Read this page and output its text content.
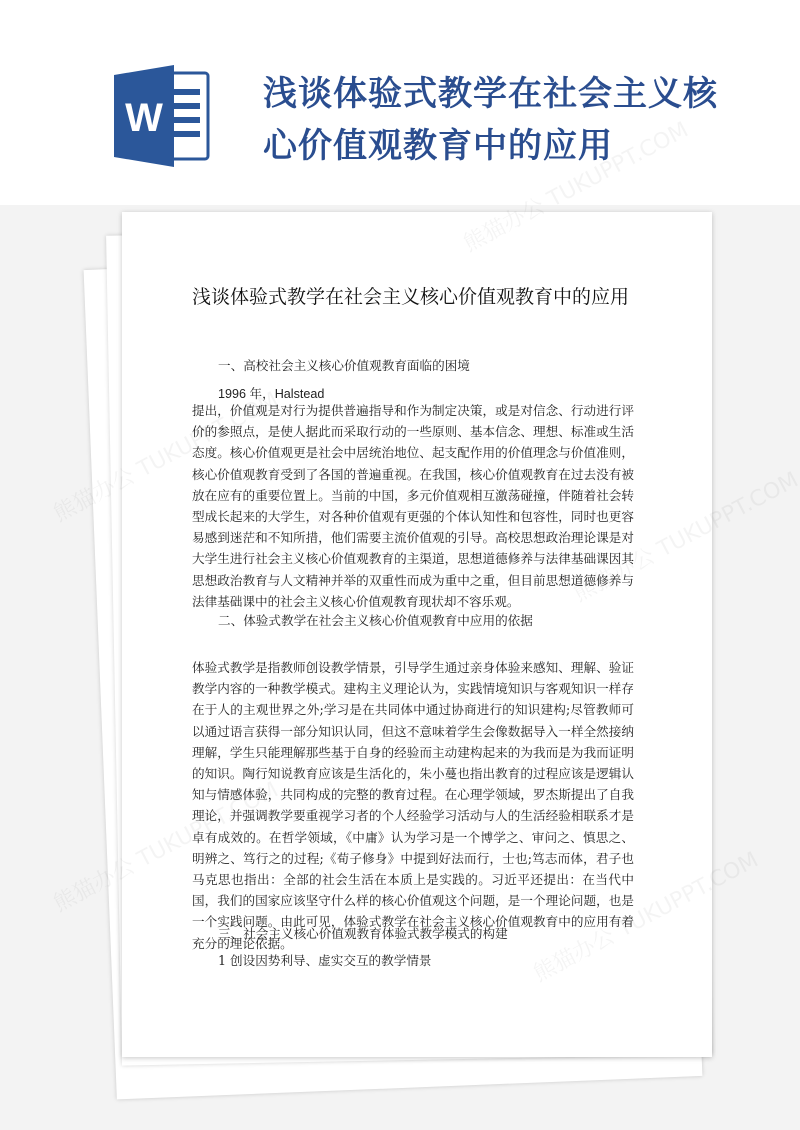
W
浅谈体验式教学在社会主义核心价值观教育中的应用
浅谈体验式教学在社会主义核心价值观教育中的应用
一、高校社会主义核心价值观教育面临的困境
1996 年，Halstead
提出，价值观是对行为提供普遍指导和作为制定决策，或是对信念、行动进行评价的参照点，是使人据此而采取行动的一些原则、基本信念、理想、标准或生活态度。核心价值观更是社会中居统治地位、起支配作用的价值理念与价值准则，核心价值观教育受到了各国的普遍重视。在我国，核心价值观教育在过去没有被放在应有的重要位置上。当前的中国，多元价值观相互激荡碰撞，伴随着社会转型成长起来的大学生，对各种价值观有更强的个体认知性和包容性，同时也更容易感到迷茫和不知所措，他们需要主流价值观的引导。高校思想政治理论课是对大学生进行社会主义核心价值观教育的主渠道，思想道德修养与法律基础课因其思想政治教育与人文精神并举的双重性而成为重中之重，但目前思想道德修养与法律基础课中的社会主义核心价值观教育现状却不容乐观。
二、体验式教学在社会主义核心价值观教育中应用的依据
体验式教学是指教师创设教学情景，引导学生通过亲身体验来感知、理解、验证教学内容的一种教学模式。建构主义理论认为，实践情境知识与客观知识一样存在于人的主观世界之外;学习是在共同体中通过协商进行的知识建构;尽管教师可以通过语言获得一部分知识认同，但这不意味着学生会像数据导入一样全然接纳理解，学生只能理解那些基于自身的经验而主动建构起来的为我而是为我而证明的知识。陶行知说教育应该是生活化的，朱小蔓也指出教育的过程应该是逻辑认知与情感体验，共同构成的完整的教育过程。在心理学领域，罗杰斯提出了自我理论，并强调教学要重视学习者的个人经验学习活动与人的生活经验相联系才是卓有成效的。在哲学领域，《中庸》认为学习是一个博学之、审问之、慎思之、明辨之、笃行之的过程;《荀子修身》中提到好法而行，士也;笃志而体，君子也马克思也指出：全部的社会生活在本质上是实践的。习近平还提出：在当代中国，我们的国家应该坚守什么样的核心价值观这个问题，是一个理论问题，也是一个实践问题。由此可见，体验式教学在社会主义核心价值观教育中的应用有着充分的理论依据。
三、社会主义核心价值观教育体验式教学模式的构建
1 创设因势利导、虚实交互的教学情景
